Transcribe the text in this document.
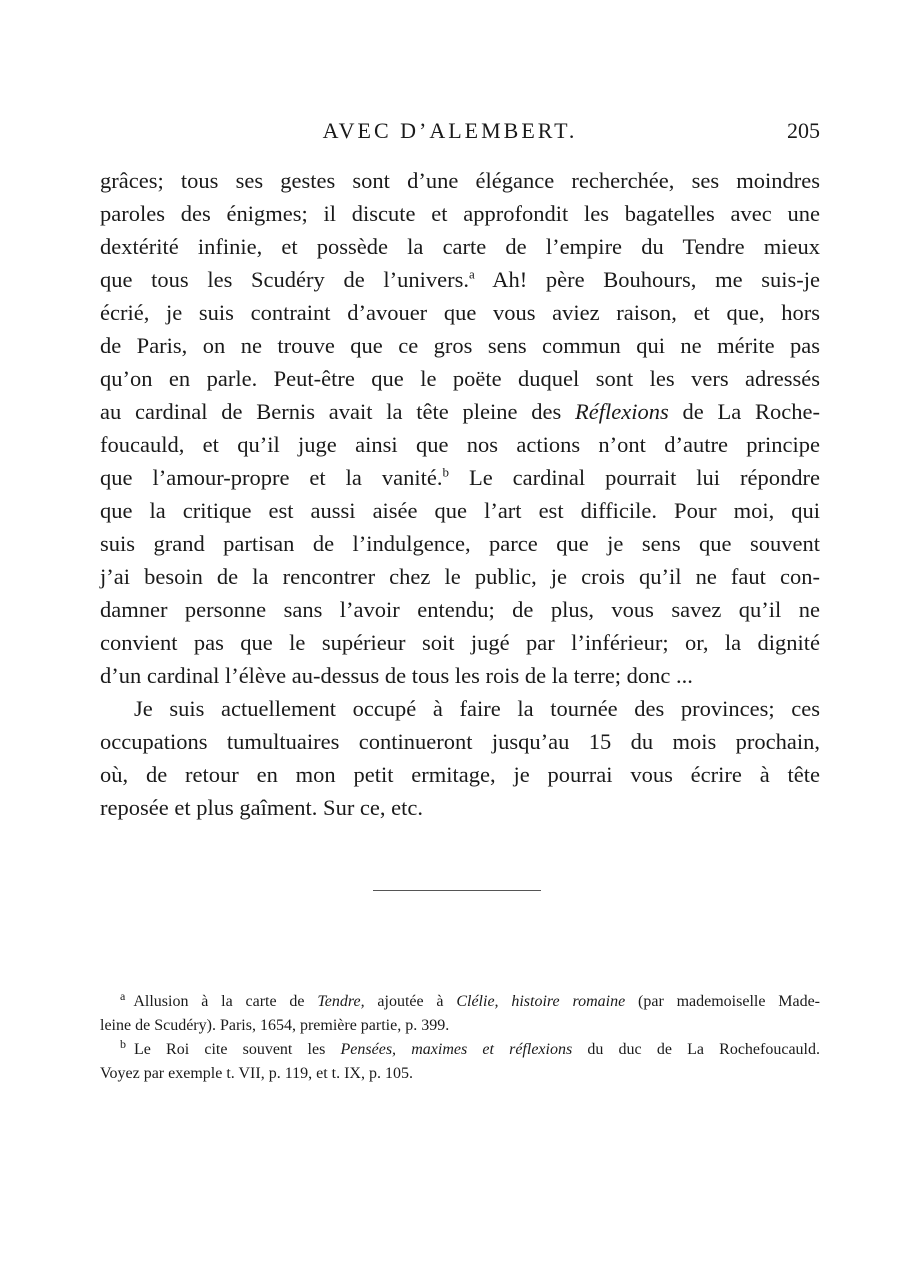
AVEC D’ALEMBERT.	205
grâces; tous ses gestes sont d’une élégance recherchée, ses moindres
paroles des énigmes; il discute et approfondit les bagatelles avec une
dextérité infinie, et possède la carte de l’empire du Tendre mieux
que tous les Scudéry de l’univers.$^a$ Ah! père Bouhours, me suis-je
écrié, je suis contraint d’avouer que vous aviez raison, et que, hors
de Paris, on ne trouve que ce gros sens commun qui ne mérite pas
qu’on en parle. Peut-être que le poëte duquel sont les vers adressés
au cardinal de Bernis avait la tête pleine des Réflexions de La Roche-
foucauld, et qu’il juge ainsi que nos actions n’ont d’autre principe
que l’amour-propre et la vanité.$^b$ Le cardinal pourrait lui répondre
que la critique est aussi aisée que l’art est difficile. Pour moi, qui
suis grand partisan de l’indulgence, parce que je sens que souvent
j’ai besoin de la rencontrer chez le public, je crois qu’il ne faut con-
damner personne sans l’avoir entendu; de plus, vous savez qu’il ne
convient pas que le supérieur soit jugé par l’inférieur; or, la dignité
d’un cardinal l’élève au-dessus de tous les rois de la terre; donc ...
Je suis actuellement occupé à faire la tournée des provinces; ces
occupations tumultuaires continueront jusqu’au 15 du mois prochain,
où, de retour en mon petit ermitage, je pourrai vous écrire à tête
reposée et plus gaîment. Sur ce, etc.
$^a$ Allusion à la carte de Tendre, ajoutée à Clélie, histoire romaine (par mademoiselle Made-
leine de Scudéry). Paris, 1654, première partie, p. 399.
$^b$ Le Roi cite souvent les Pensées, maximes et réflexions du duc de La Rochefoucauld.
Voyez par exemple t. VII, p. 119, et t. IX, p. 105.
